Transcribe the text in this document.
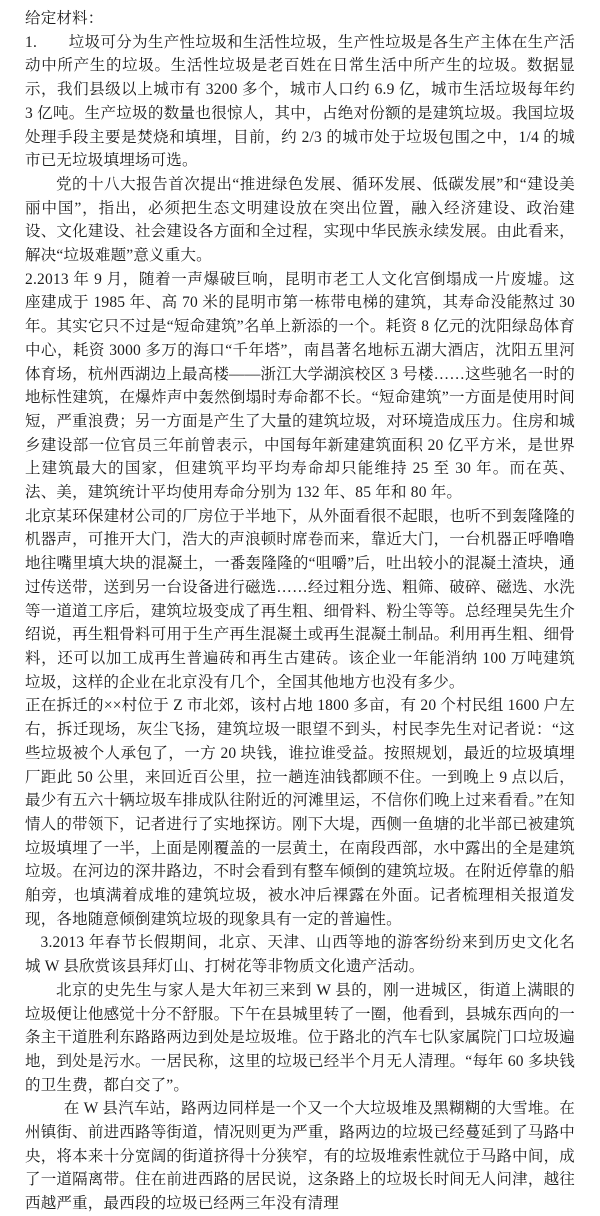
给定材料：

1.　　垃圾可分为生产性垃圾和生活性垃圾，生产性垃圾是各生产主体在生产活动中所产生的垃圾。生活性垃圾是老百姓在日常生活中所产生的垃圾。数据显示，我们县级以上城市有 3200 多个，城市人口约 6.9 亿，城市生活垃圾每年约 3 亿吨。生产垃圾的数量也很惊人，其中，占绝对份额的是建筑垃圾。我国垃圾处理手段主要是焚烧和填埋，目前，约 2/3 的城市处于垃圾包围之中，1/4 的城市已无垃圾填埋场可选。

党的十八大报告首次提出“推进绿色发展、循环发展、低碳发展”和“建设美丽中国”，指出，必须把生态文明建设放在突出位置，融入经济建设、政治建设、文化建设、社会建设各方面和全过程，实现中华民族永续发展。由此看来，解决“垃圾难题”意义重大。

2.2013 年 9 月，随着一声爆破巨响，昆明市老工人文化宫倒塌成一片废墟。这座建成于 1985 年、高 70 米的昆明市第一栋带电梯的建筑，其寿命没能熬过 30 年。其实它只不过是“短命建筑”名单上新添的一个。耗资 8 亿元的沈阳绿岛体育中心，耗资 3000 多万的海口“千年塔”，南昌著名地标五湖大酒店，沈阳五里河体育场，杭州西湖边上最高楼——浙江大学湖滨校区 3 号楼……这些驰名一时的地标性建筑，在爆炸声中轰然倒塌时寿命都不长。“短命建筑”一方面是使用时间短，严重浪费；另一方面是产生了大量的建筑垃圾，对环境造成压力。住房和城乡建设部一位官员三年前曾表示，中国每年新建建筑面积 20 亿平方米，是世界上建筑最大的国家，但建筑平均平均寿命却只能维持 25 至 30 年。而在英、法、美，建筑统计平均使用寿命分别为 132 年、85 年和 80 年。

北京某环保建材公司的厂房位于半地下，从外面看很不起眼，也听不到轰隆隆的机器声，可推开大门，浩大的声浪顿时席卷而来，靠近大门，一台机器正呼噜噜地往嘴里填大块的混凝土，一番轰隆隆的“咀嚼”后，吐出较小的混凝土渣块，通过传送带，送到另一台设备进行磁选……经过粗分选、粗筛、破碎、磁选、水洗等一道道工序后，建筑垃圾变成了再生粗、细骨料、粉尘等等。总经理吴先生介绍说，再生粗骨料可用于生产再生混凝土或再生混凝土制品。利用再生粗、细骨料，还可以加工成再生普遍砖和再生古建砖。该企业一年能消纳 100 万吨建筑垃圾，这样的企业在北京没有几个，全国其他地方也没有多少。

正在拆迁的××村位于 Z 市北郊，该村占地 1800 多亩，有 20 个村民组 1600 户左右，拆迁现场，灰尘飞扬，建筑垃圾一眼望不到头，村民李先生对记者说：“这些垃圾被个人承包了，一方 20 块钱，谁拉谁受益。按照规划，最近的垃圾填埋厂距此 50 公里，来回近百公里，拉一趟连油钱都顾不住。一到晚上 9 点以后，最少有五六十辆垃圾车排成队往附近的河滩里运，不信你们晚上过来看看。”在知情人的带领下，记者进行了实地探访。刚下大堤，西侧一鱼塘的北半部已被建筑垃圾填埋了一半，上面是刚覆盖的一层黄土，在南段西部，水中露出的全是建筑垃圾。在河边的深井路边，不时会看到有整车倾倒的建筑垃圾。在附近停靠的船舶旁，也填满着成堆的建筑垃圾，被水冲后裸露在外面。记者梳理相关报道发现，各地随意倾倒建筑垃圾的现象具有一定的普遍性。

3.2013 年春节长假期间，北京、天津、山西等地的游客纷纷来到历史文化名城 W 县欣赏该县拜灯山、打树花等非物质文化遗产活动。

北京的史先生与家人是大年初三来到 W 县的，刚一进城区，街道上满眼的垃圾便让他感觉十分不舒服。下午在县城里转了一圈，他看到，县城东西向的一条主干道胜利东路路两边到处是垃圾堆。位于路北的汽车七队家属院门口垃圾遍地，到处是污水。一居民称，这里的垃圾已经半个月无人清理。“每年 60 多块钱的卫生费，都白交了”。

在 W 县汽车站，路两边同样是一个又一个大垃圾堆及黑糊糊的大雪堆。在州镇街、前进西路等街道，情况则更为严重，路两边的垃圾已经蔓延到了马路中央，将本来十分宽阔的街道挤得十分狭窄，有的垃圾堆索性就位于马路中间，成了一道隔离带。住在前进西路的居民说，这条路上的垃圾长时间无人问津，越往西越严重，最西段的垃圾已经两三年没有清理
